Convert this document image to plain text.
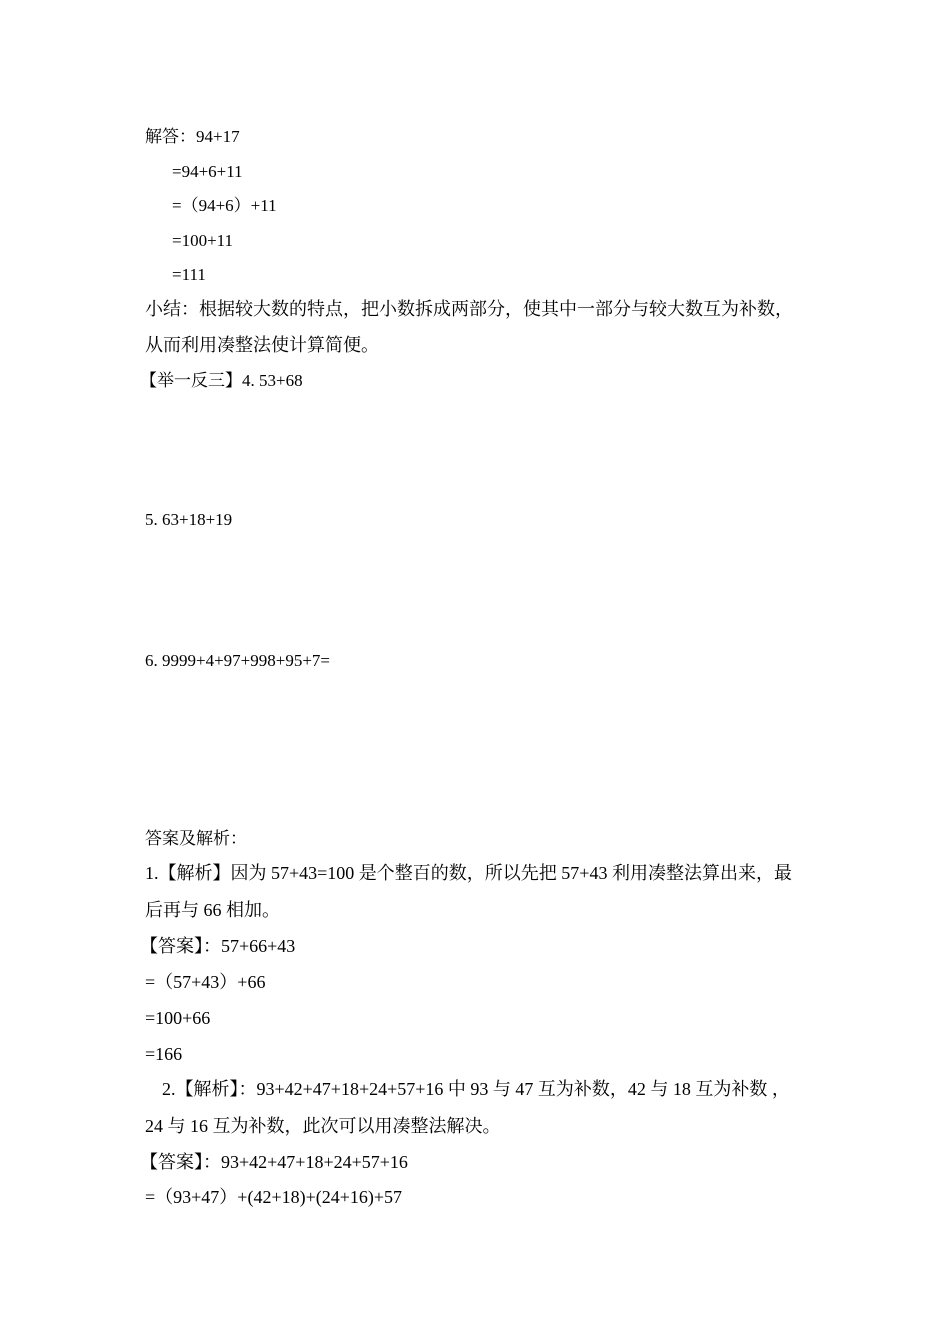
解答：94+17
=94+6+11
=（94+6）+11
=100+11
=111
小结：根据较大数的特点，把小数拆成两部分，使其中一部分与较大数互为补数，
从而利用凑整法使计算简便。
【举一反三】4. 53+68
5. 63+18+19
6. 9999+4+97+998+95+7=
答案及解析：
1.【解析】因为 57+43=100 是个整百的数，所以先把 57+43 利用凑整法算出来，最
后再与 66 相加。
【答案】：57+66+43
=（57+43）+66
=100+66
=166
2.【解析】：93+42+47+18+24+57+16 中 93 与 47 互为补数，42 与 18 互为补数 ，
24 与 16 互为补数，此次可以用凑整法解决。
【答案】：93+42+47+18+24+57+16
=（93+47）+(42+18)+(24+16)+57
